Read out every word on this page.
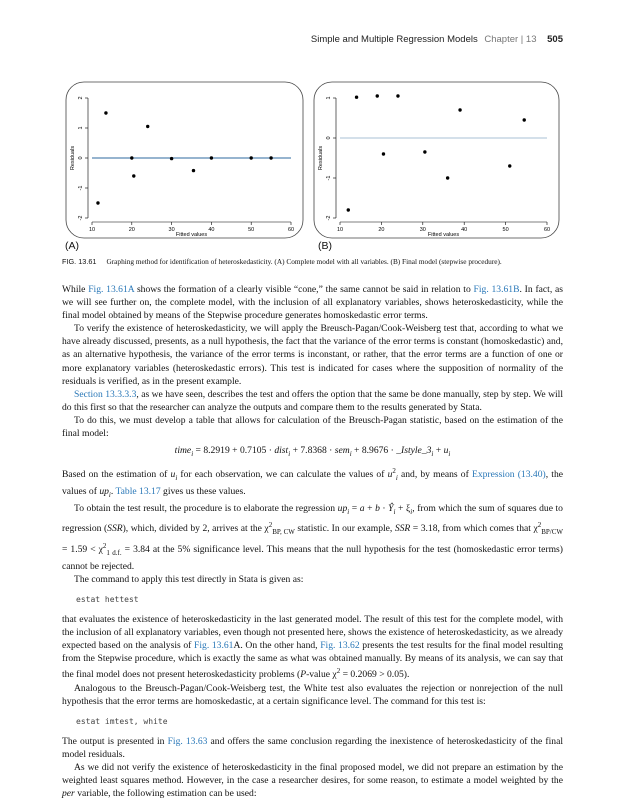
Simple and Multiple Regression Models Chapter | 13 505
-2
-1
0
1
2
10	20	30	40	50	60
Fitted values
Residuals
-2
-1
0
1
10	20	30	40	50	60
Fitted values
Residuals
(A)	(B)
FIG. 13.61 Graphing method for identification of heteroskedasticity. (A) Complete model with all variables. (B) Final model (stepwise procedure).

While Fig. 13.61A shows the formation of a clearly visible “cone,” the same cannot be said in relation to Fig. 13.61B. In fact, as we will see further on, the complete model, with the inclusion of all explanatory variables, shows heteroskedasticity, while the final model obtained by means of the Stepwise procedure generates homoskedastic error terms.

To verify the existence of heteroskedasticity, we will apply the Breusch-Pagan/Cook-Weisberg test that, according to what we have already discussed, presents, as a null hypothesis, the fact that the variance of the error terms is constant (homoskedastic) and, as an alternative hypothesis, the variance of the error terms is inconstant, or rather, that the error terms are a function of one or more explanatory variables (heteroskedastic errors). This test is indicated for cases where the supposition of normality of the residuals is verified, as in the present example.

Section 13.3.3.3, as we have seen, describes the test and offers the option that the same be done manually, step by step. We will do this first so that the researcher can analyze the outputs and compare them to the results generated by Stata.

To do this, we must develop a table that allows for calculation of the Breusch-Pagan statistic, based on the estimation of the final model:

time$_i$ = 8.2919 + 0.7105 · dist$_i$ + $7.8368 \cdot sem_i + 8.9676 \cdot \_Istyle\_3_i + u_i$

Based on the estimation of $u_i$ for each observation, we can calculate the values of $u^2_i$ and, by means of Expression (13.40), the values of $up_i$. Table 13.17 gives us these values.

To obtain the test result, the procedure is to elaborate the regression $up_i = a + b$ · $Ŷ_i + \xi_i$, from which the sum of squares due to regression (SSR), which, divided by 2, arrives at the $\chi^2_{BP, CW}$ statistic. In our example, SSR = 3.18, from which comes that $\chi^2_{BP/CW} = 1.59 < \chi^2_{1 d.f.} = 3.84$ at the 5% significance level. This means that the null hypothesis for the test (homoskedastic error terms) cannot be rejected.

The command to apply this test directly in Stata is given as:

estat hettest

that evaluates the existence of heteroskedasticity in the last generated model. The result of this test for the complete model, with the inclusion of all explanatory variables, even though not presented here, shows the existence of heteroskedasticity, as we already expected based on the analysis of Fig. 13.61A. On the other hand, Fig. 13.62 presents the test results for the final model resulting from the Stepwise procedure, which is exactly the same as what was obtained manually. By means of its analysis, we can say that the final model does not present heteroskedasticity problems (P-value $\chi^2 = 0.2069 > 0.05$).

Analogous to the Breusch-Pagan/Cook-Weisberg test, the White test also evaluates the rejection or nonrejection of the null hypothesis that the error terms are homoskedastic, at a certain significance level. The command for this test is:

estat imtest, white

The output is presented in Fig. 13.63 and offers the same conclusion regarding the inexistence of heteroskedasticity of the final model residuals.

As we did not verify the existence of heteroskedasticity in the final proposed model, we did not prepare an estimation by the weighted least squares method. However, in the case a researcher desires, for some reason, to estimate a model weighted by the per variable, the following estimation can be used:
